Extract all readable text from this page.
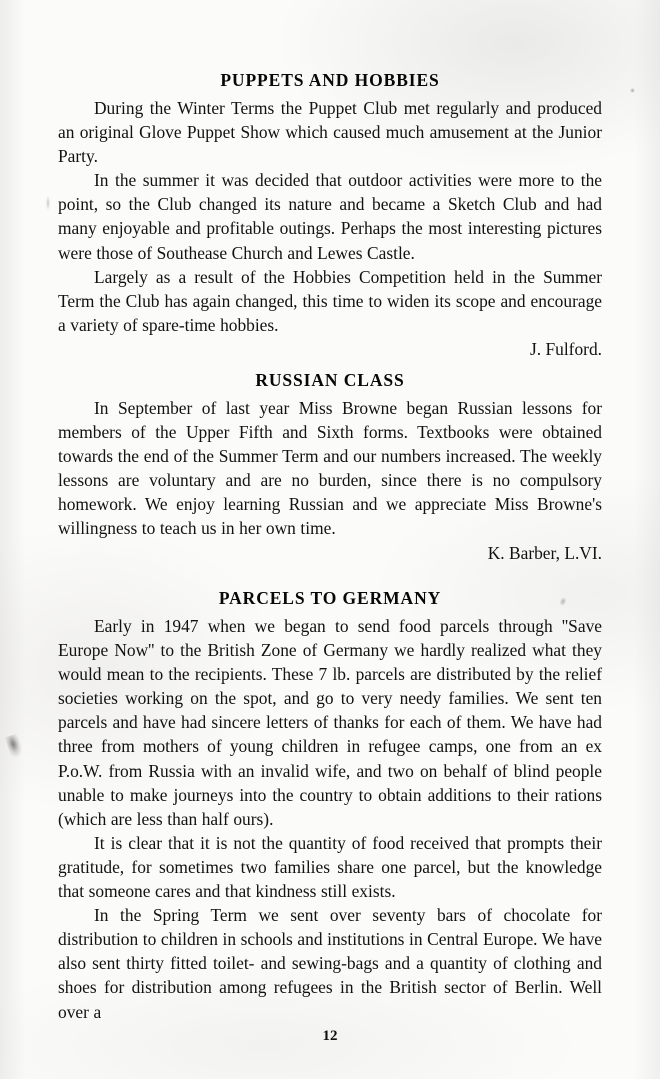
PUPPETS AND HOBBIES

During the Winter Terms the Puppet Club met regularly and produced an original Glove Puppet Show which caused much amusement at the Junior Party.

In the summer it was decided that outdoor activities were more to the point, so the Club changed its nature and became a Sketch Club and had many enjoyable and profitable outings. Perhaps the most interesting pictures were those of Southease Church and Lewes Castle.

Largely as a result of the Hobbies Competition held in the Summer Term the Club has again changed, this time to widen its scope and encourage a variety of spare-time hobbies.

J. Fulford.

RUSSIAN CLASS

In September of last year Miss Browne began Russian lessons for members of the Upper Fifth and Sixth forms. Textbooks were obtained towards the end of the Summer Term and our numbers increased. The weekly lessons are voluntary and are no burden, since there is no compulsory homework. We enjoy learning Russian and we appreciate Miss Browne's willingness to teach us in her own time.

K. Barber, L.VI.

PARCELS TO GERMANY

Early in 1947 when we began to send food parcels through ''Save Europe Now'' to the British Zone of Germany we hardly realized what they would mean to the recipients. These 7 lb. parcels are distributed by the relief societies working on the spot, and go to very needy families. We sent ten parcels and have had sincere letters of thanks for each of them. We have had three from mothers of young children in refugee camps, one from an ex P.o.W. from Russia with an invalid wife, and two on behalf of blind people unable to make journeys into the country to obtain additions to their rations (which are less than half ours).

It is clear that it is not the quantity of food received that prompts their gratitude, for sometimes two families share one parcel, but the knowledge that someone cares and that kindness still exists.

In the Spring Term we sent over seventy bars of chocolate for distribution to children in schools and institutions in Central Europe. We have also sent thirty fitted toilet- and sewing-bags and a quantity of clothing and shoes for distribution among refugees in the British sector of Berlin. Well over a

12
